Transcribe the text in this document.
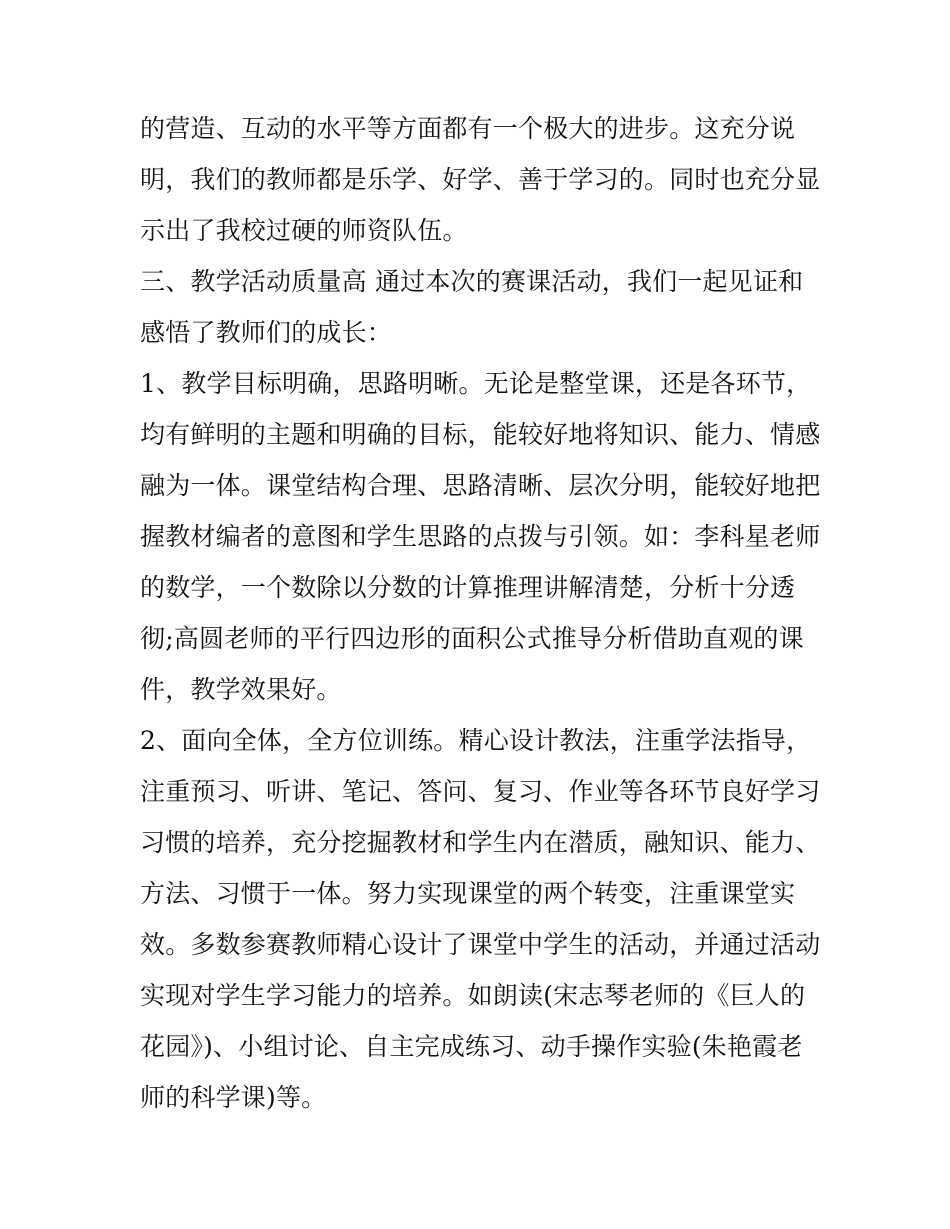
的营造、互动的水平等方面都有一个极大的进步。这充分说
明，我们的教师都是乐学、好学、善于学习的。同时也充分显
示出了我校过硬的师资队伍。
三、教学活动质量高 通过本次的赛课活动，我们一起见证和
感悟了教师们的成长：
1、教学目标明确，思路明晰。无论是整堂课，还是各环节，
均有鲜明的主题和明确的目标，能较好地将知识、能力、情感
融为一体。课堂结构合理、思路清晰、层次分明，能较好地把
握教材编者的意图和学生思路的点拨与引领。如：李科星老师
的数学，一个数除以分数的计算推理讲解清楚，分析十分透
彻;高圆老师的平行四边形的面积公式推导分析借助直观的课
件，教学效果好。
2、面向全体，全方位训练。精心设计教法，注重学法指导，
注重预习、听讲、笔记、答问、复习、作业等各环节良好学习
习惯的培养，充分挖掘教材和学生内在潜质，融知识、能力、
方法、习惯于一体。努力实现课堂的两个转变，注重课堂实
效。多数参赛教师精心设计了课堂中学生的活动，并通过活动
实现对学生学习能力的培养。如朗读(宋志琴老师的《巨人的
花园》)、小组讨论、自主完成练习、动手操作实验(朱艳霞老
师的科学课)等。
